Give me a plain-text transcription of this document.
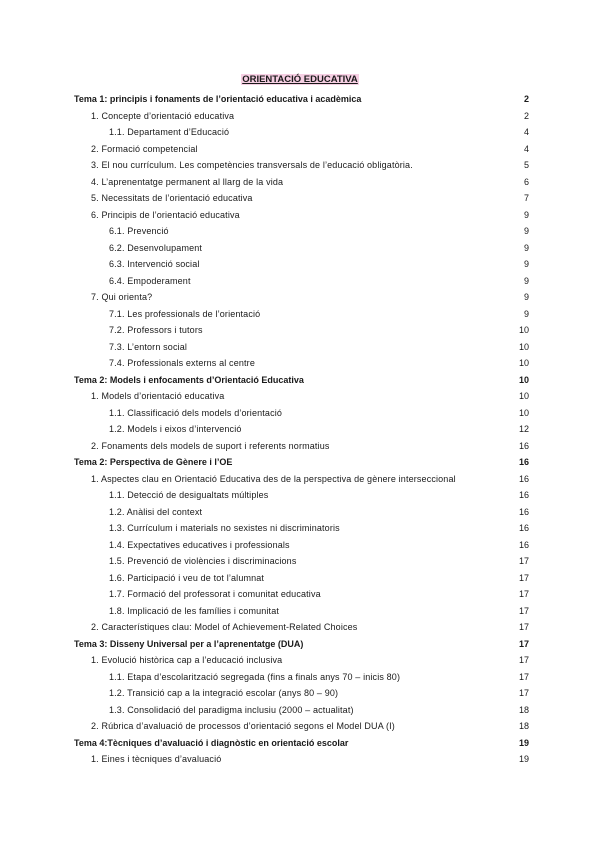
ORIENTACIÓ EDUCATIVA
Tema 1: principis i fonaments de l’orientació educativa i acadèmica	2
1. Concepte d’orientació educativa	2
1.1. Departament d’Educació	4
2. Formació competencial	4
3. El nou currículum. Les competències transversals de l’educació obligatòria.	5
4. L’aprenentatge permanent al llarg de la vida	6
5. Necessitats de l’orientació educativa	7
6. Principis de l’orientació educativa	9
6.1. Prevenció	9
6.2. Desenvolupament	9
6.3. Intervenció social	9
6.4. Empoderament	9
7. Qui orienta?	9
7.1. Les professionals de l’orientació	9
7.2. Professors i tutors	10
7.3. L’entorn social	10
7.4. Professionals externs al centre	10
Tema 2: Models i enfocaments d’Orientació Educativa	10
1. Models d’orientació educativa	10
1.1. Classificació dels models d’orientació	10
1.2. Models i eixos d’intervenció	12
2. Fonaments dels models de suport i referents normatius	16
Tema 2: Perspectiva de Gènere i l’OE	16
1. Aspectes clau en Orientació Educativa des de la perspectiva de gènere interseccional	16
1.1. Detecció de desigualtats múltiples	16
1.2. Anàlisi del context	16
1.3. Currículum i materials no sexistes ni discriminatoris	16
1.4. Expectatives educatives i professionals	16
1.5. Prevenció de violències i discriminacions	17
1.6. Participació i veu de tot l’alumnat	17
1.7. Formació del professorat i comunitat educativa	17
1.8. Implicació de les famílies i comunitat	17
2. Característiques clau: Model of Achievement-Related Choices	17
Tema 3: Disseny Universal per a l’aprenentatge (DUA)	17
1. Evolució històrica cap a l’educació inclusiva	17
1.1. Etapa d’escolarització segregada (fins a finals anys 70 – inicis 80)	17
1.2. Transició cap a la integració escolar (anys 80 – 90)	17
1.3. Consolidació del paradigma inclusiu (2000 – actualitat)	18
2. Rúbrica d’avaluació de processos d’orientació segons el Model DUA (I)	18
Tema 4:Tècniques d’avaluació i diagnòstic en orientació escolar	19
1. Eines i tècniques d’avaluació	19
